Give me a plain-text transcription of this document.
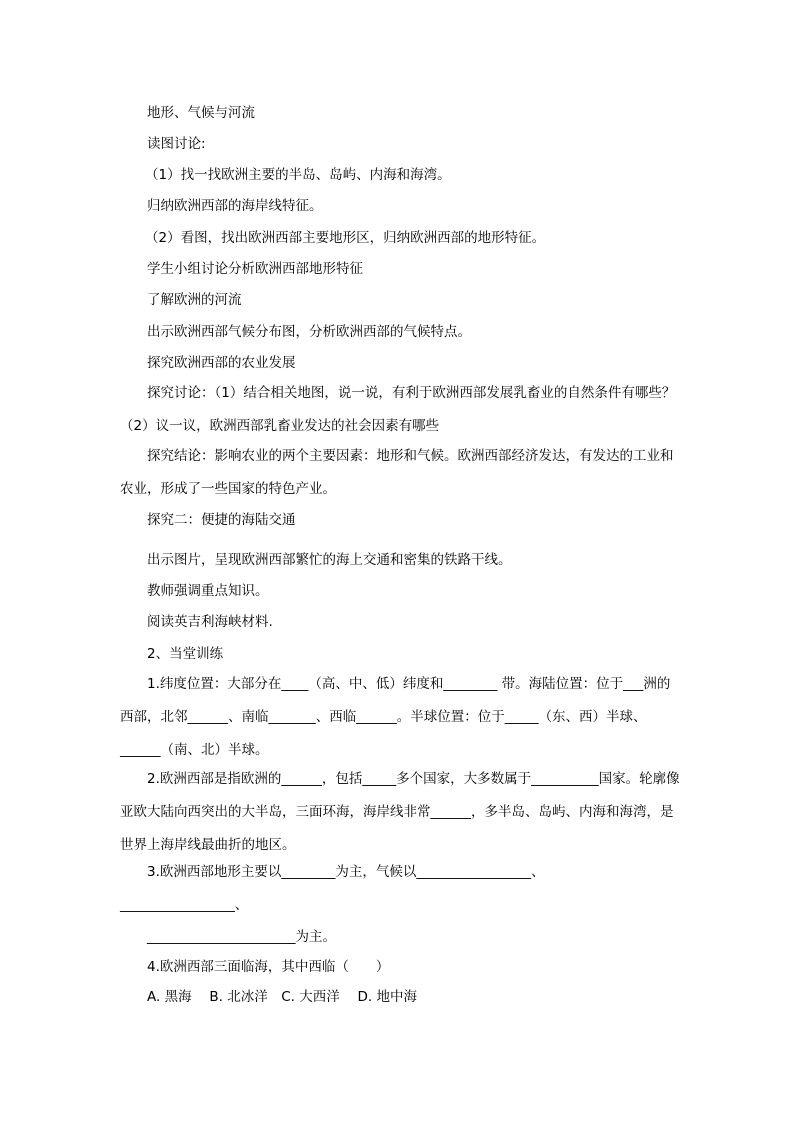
地形、气候与河流
读图讨论:
（1）找一找欧洲主要的半岛、岛屿、内海和海湾。
归纳欧洲西部的海岸线特征。
（2）看图，找出欧洲西部主要地形区，归纳欧洲西部的地形特征。
学生小组讨论分析欧洲西部地形特征
了解欧洲的河流
出示欧洲西部气候分布图，分析欧洲西部的气候特点。
探究欧洲西部的农业发展
探究讨论：（1）结合相关地图，说一说，有利于欧洲西部发展乳畜业的自然条件有哪些？（2）议一议，欧洲西部乳畜业发达的社会因素有哪些
探究结论：影响农业的两个主要因素：地形和气候。欧洲西部经济发达，有发达的工业和农业，形成了一些国家的特色产业。
探究二：便捷的海陆交通
出示图片，呈现欧洲西部繁忙的海上交通和密集的铁路干线。
教师强调重点知识。
阅读英吉利海峡材料.
2、当堂训练
1.纬度位置：大部分在____（高、中、低）纬度和________ 带。海陆位置：位于___洲的西部，北邻______、南临_______、西临______。半球位置：位于_____（东、西）半球、______（南、北）半球。
2.欧洲西部是指欧洲的______，包括_____多个国家，大多数属于__________国家。轮廓像亚欧大陆向西突出的大半岛，三面环海，海岸线非常______，多半岛、岛屿、内海和海湾，是世界上海岸线最曲折的地区。
3.欧洲西部地形主要以________为主，气候以_________________、
_________________、
______________________为主。
4.欧洲西部三面临海，其中西临（　　）
A. 黑海　 B. 北冰洋　C. 大西洋　 D. 地中海
